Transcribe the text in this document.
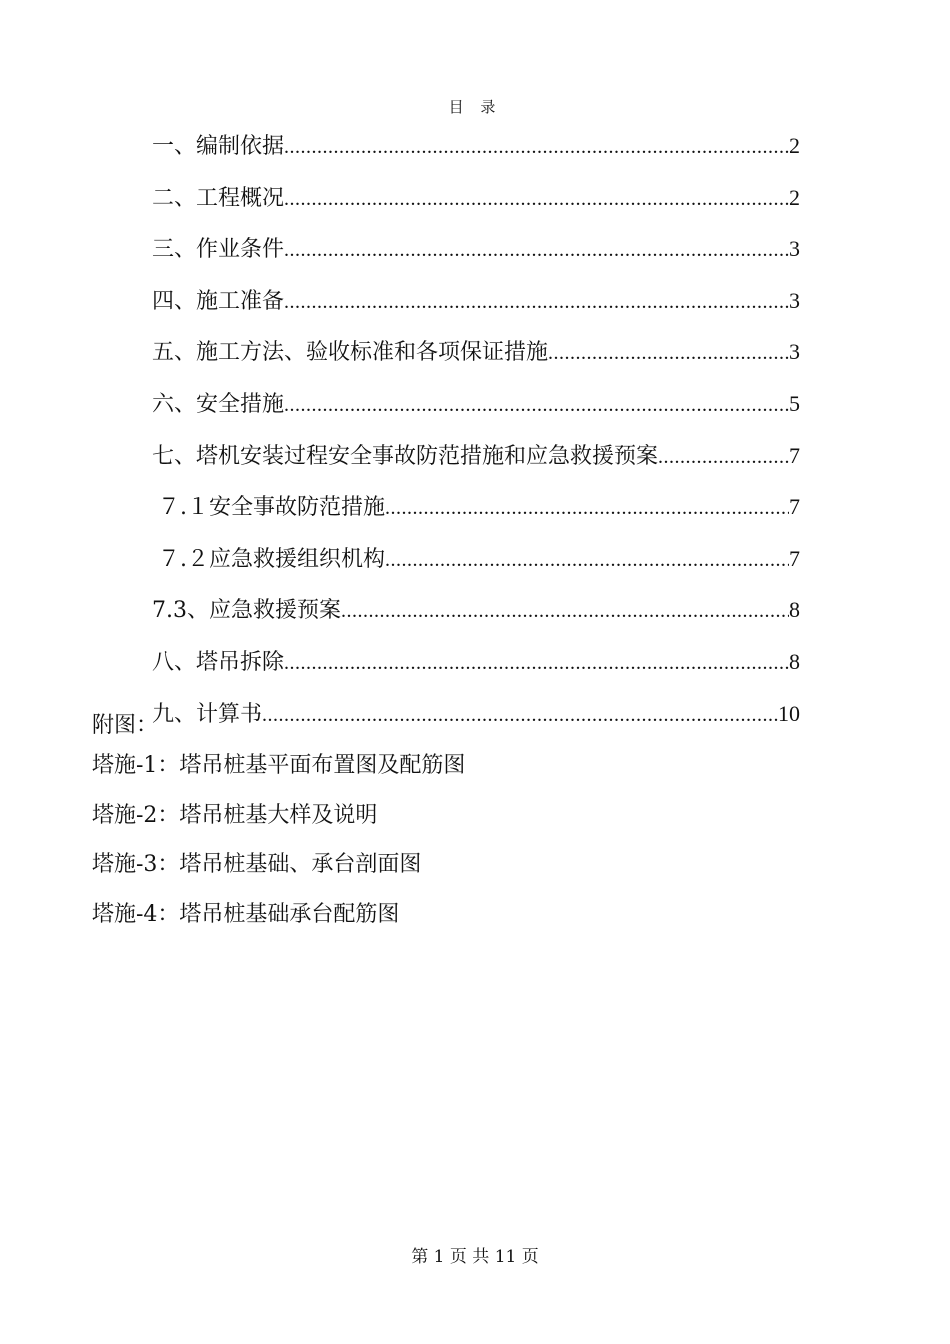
目 录
一、编制依据 .....	2
二、工程概况 .....	2
三、作业条件 .....	3
四、施工准备 .....	3
五、施工方法、验收标准和各项保证措施 .....	3
六、安全措施 .....	5
七、塔机安装过程安全事故防范措施和应急救援预案 .....	7
７.１安全事故防范措施 .....	7
７.２应急救援组织机构 .....	7
7.3、应急救援预案 .....	8
八、塔吊拆除 .....	8
九、计算书 .....	10
附图：
塔施-1：塔吊桩基平面布置图及配筋图
塔施-2：塔吊桩基大样及说明
塔施-3：塔吊桩基础、承台剖面图
塔施-4：塔吊桩基础承台配筋图
第 1 页 共 11 页
